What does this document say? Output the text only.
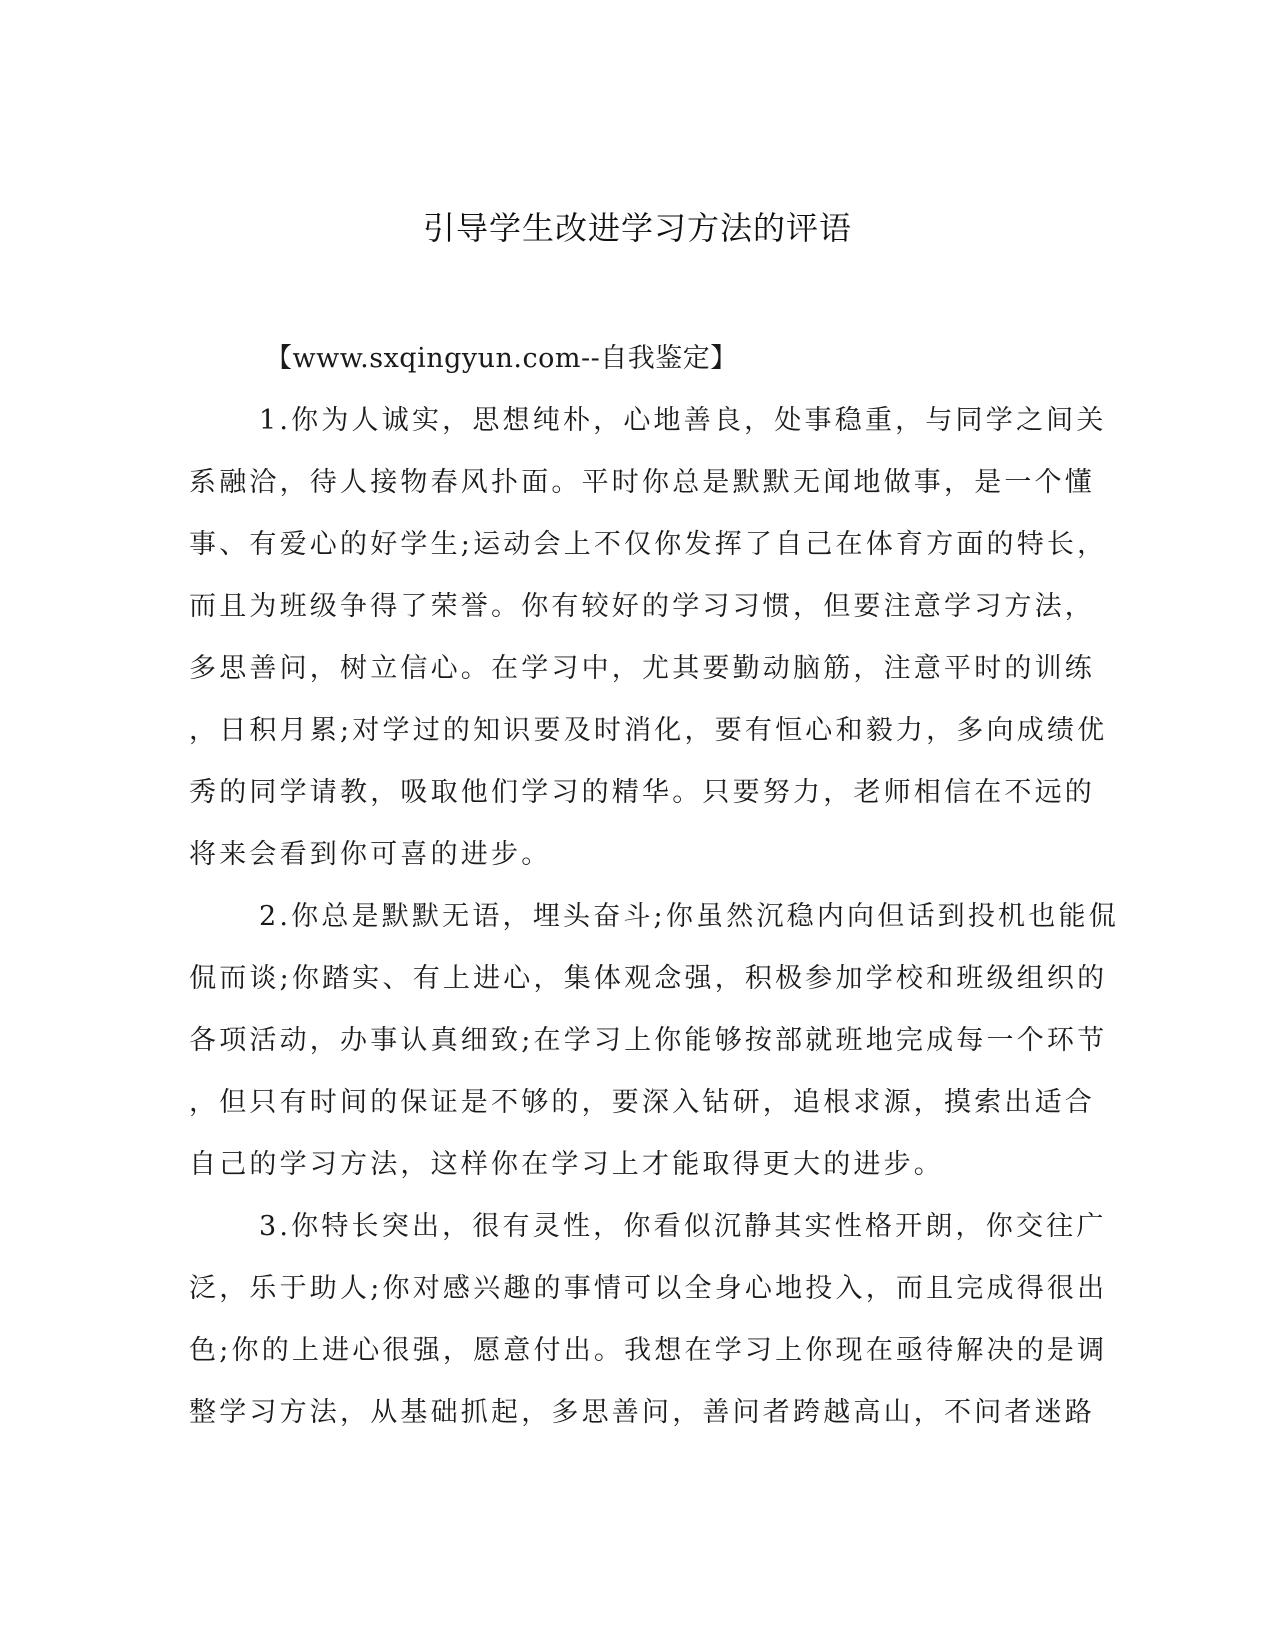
引导学生改进学习方法的评语
【www.sxqingyun.com--自我鉴定】
1.你为人诚实，思想纯朴，心地善良，处事稳重，与同学之间关
系融洽，待人接物春风扑面。平时你总是默默无闻地做事，是一个懂
事、有爱心的好学生;运动会上不仅你发挥了自己在体育方面的特长，
而且为班级争得了荣誉。你有较好的学习习惯，但要注意学习方法，
多思善问，树立信心。在学习中，尤其要勤动脑筋，注意平时的训练
，日积月累;对学过的知识要及时消化，要有恒心和毅力，多向成绩优
秀的同学请教，吸取他们学习的精华。只要努力，老师相信在不远的
将来会看到你可喜的进步。
2.你总是默默无语，埋头奋斗;你虽然沉稳内向但话到投机也能侃
侃而谈;你踏实、有上进心，集体观念强，积极参加学校和班级组织的
各项活动，办事认真细致;在学习上你能够按部就班地完成每一个环节
，但只有时间的保证是不够的，要深入钻研，追根求源，摸索出适合
自己的学习方法，这样你在学习上才能取得更大的进步。
3.你特长突出，很有灵性，你看似沉静其实性格开朗，你交往广
泛，乐于助人;你对感兴趣的事情可以全身心地投入，而且完成得很出
色;你的上进心很强，愿意付出。我想在学习上你现在亟待解决的是调
整学习方法，从基础抓起，多思善问，善问者跨越高山，不问者迷路
